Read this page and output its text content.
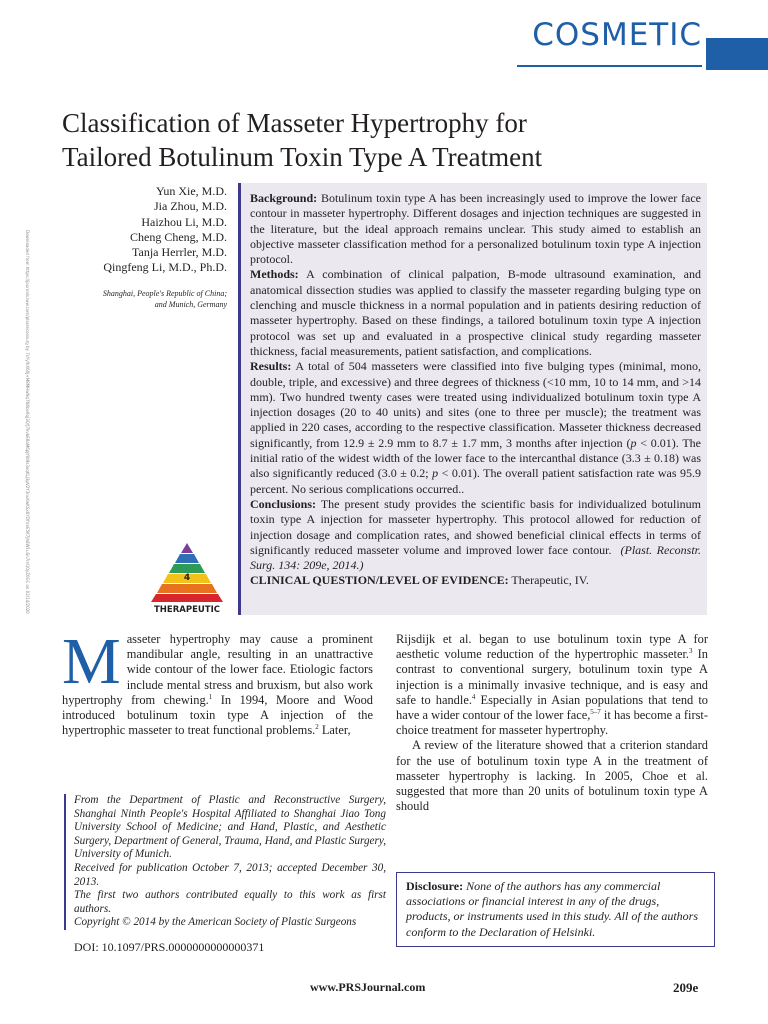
COSMETIC
Classification of Masseter Hypertrophy for
Tailored Botulinum Toxin Type A Treatment
Downloaded from https://journals.lww.com/plasreconsurg by 7sYyfkX60J+M8MHwNq7N6bv6qJ3QfJ7kvbE8aM6pJY8I9s3oqKLJ3pV2Y3nuKwKSx6YDYdnE5K7Jh8W1uSn7mQ0yZ0G1 on 02/14/2020
Yun Xie, M.D.
Jia Zhou, M.D.
Haizhou Li, M.D.
Cheng Cheng, M.D.
Tanja Herrler, M.D.
Qingfeng Li, M.D., Ph.D.
Shanghai, People's Republic of China;
and Munich, Germany

Background: Botulinum toxin type A has been increasingly used to improve the lower face contour in masseter hypertrophy. Different dosages and injection techniques are suggested in the literature, but the ideal approach remains unclear. This study aimed to establish an objective masseter classification method for a personalized botulinum toxin type A injection protocol.

Methods: A combination of clinical palpation, B-mode ultrasound examination, and anatomical dissection studies was applied to classify the masseter regarding bulging type on clenching and muscle thickness in a normal population and in patients desiring reduction of masseter hypertrophy. Based on these findings, a tailored botulinum toxin type A injection protocol was set up and evaluated in a prospective clinical study regarding masseter thickness, facial measurements, patient satisfaction, and complications.

Results: A total of 504 masseters were classified into five bulging types (minimal, mono, double, triple, and excessive) and three degrees of thickness (<10 mm, 10 to 14 mm, and >14 mm). Two hundred twenty cases were treated using individualized botulinum toxin type A injection dosages (20 to 40 units) and sites (one to three per muscle); the treatment was applied in 220 cases, according to the respective classification. Masseter thickness decreased significantly, from 12.9 ± 2.9 mm to 8.7 ± 1.7 mm, 3 months after injection (p < 0.01). The initial ratio of the widest width of the lower face to the intercanthal distance (3.3 ± 0.18) was also significantly reduced (3.0 ± 0.2; p < 0.01). The overall patient satisfaction rate was 95.9 percent. No serious complications occurred..

Conclusions: The present study provides the scientific basis for individualized botulinum toxin type A injection for masseter hypertrophy. This protocol allowed for reduction of injection dosage and complication rates, and showed beneficial clinical effects in terms of significantly reduced masseter volume and improved lower face contour. (Plast. Reconstr. Surg. 134: 209e, 2014.)

CLINICAL QUESTION/LEVEL OF EVIDENCE: Therapeutic, IV.

4
THERAPEUTIC

Masseter hypertrophy may cause a prominent mandibular angle, resulting in an unattractive wide contour of the lower face. Etiologic factors include mental stress and bruxism, but also work hypertrophy from chewing.$^1$ In 1994, Moore and Wood introduced botulinum toxin type A injection of the hypertrophic masseter to treat functional problems.$^2$ Later,

Rijsdijk et al. began to use botulinum toxin type A for aesthetic volume reduction of the hypertrophic masseter.$^3$ In contrast to conventional surgery, botulinum toxin type A injection is a minimally invasive technique, and is easy and safe to handle.$^4$ Especially in Asian populations that tend to have a wider contour of the lower face,$^{5-7}$ it has become a first-choice treatment for masseter hypertrophy.

A review of the literature showed that a criterion standard for the use of botulinum toxin type A in the treatment of masseter hypertrophy is lacking. In 2005, Choe et al. suggested that more than 20 units of botulinum toxin type A should

From the Department of Plastic and Reconstructive Surgery, Shanghai Ninth People's Hospital Affiliated to Shanghai Jiao Tong University School of Medicine; and Hand, Plastic, and Aesthetic Surgery, Department of General, Trauma, Hand, and Plastic Surgery, University of Munich.

Received for publication October 7, 2013; accepted December 30, 2013.

The first two authors contributed equally to this work as first authors.

Copyright © 2014 by the American Society of Plastic Surgeons

DOI: 10.1097/PRS.0000000000000371
Disclosure: None of the authors has any commercial associations or financial interest in any of the drugs, products, or instruments used in this study. All of the authors conform to the Declaration of Helsinki.
www.PRSJournal.com	209e
